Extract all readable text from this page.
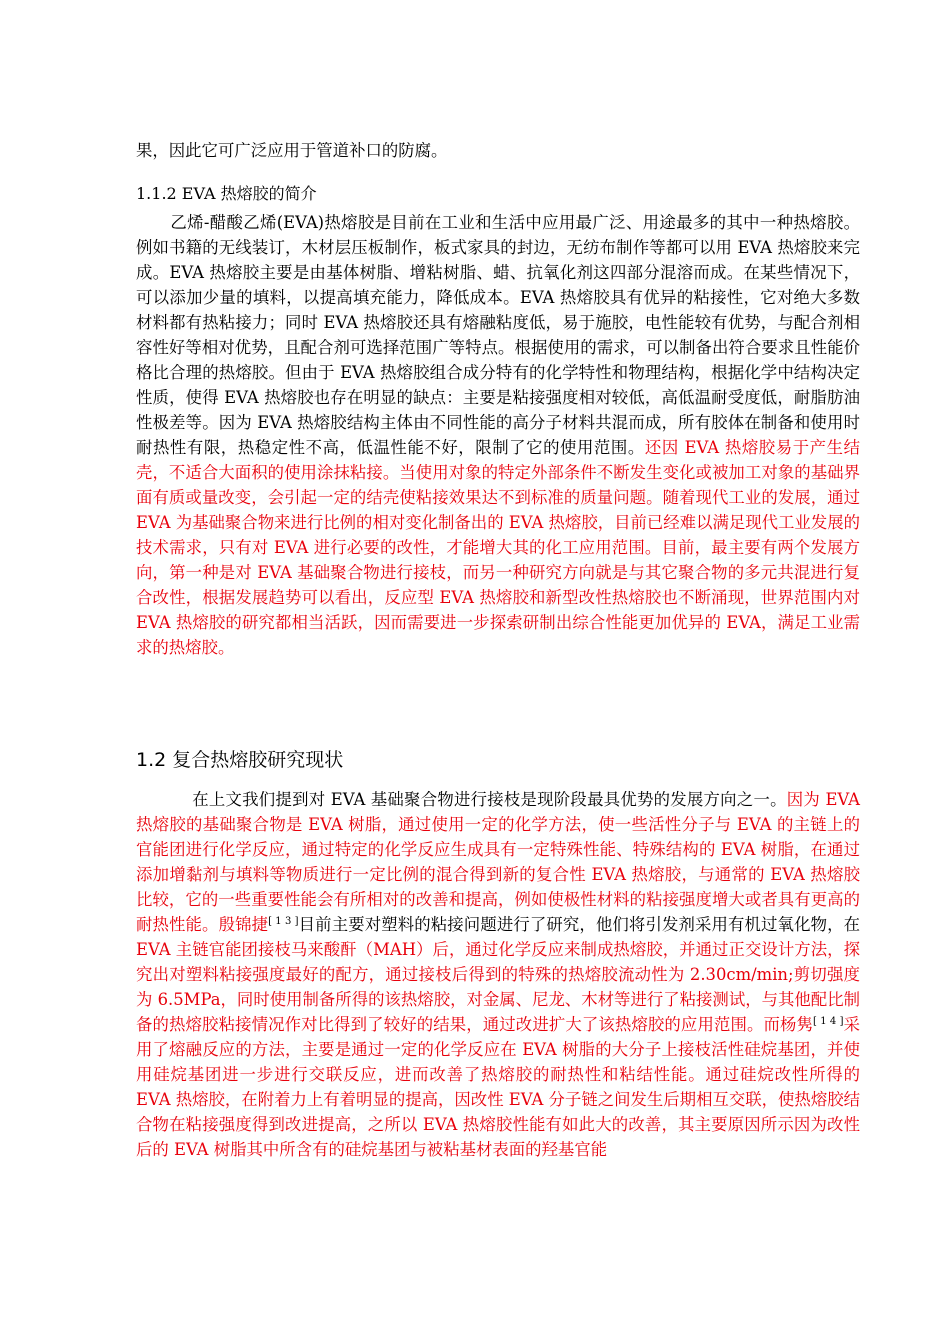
果，因此它可广泛应用于管道补口的防腐。

1.1.2 EVA 热熔胶的简介

乙烯-醋酸乙烯(EVA)热熔胶是目前在工业和生活中应用最广泛、用途最多的其中一种热熔胶。例如书籍的无线装订，木材层压板制作，板式家具的封边，无纺布制作等都可以用 EVA 热熔胶来完成。EVA 热熔胶主要是由基体树脂、增粘树脂、蜡、抗氧化剂这四部分混溶而成。在某些情况下，可以添加少量的填料，以提高填充能力，降低成本。EVA 热熔胶具有优异的粘接性，它对绝大多数材料都有热粘接力；同时 EVA 热熔胶还具有熔融粘度低，易于施胶，电性能较有优势，与配合剂相容性好等相对优势，且配合剂可选择范围广等特点。根据使用的需求，可以制备出符合要求且性能价格比合理的热熔胶。但由于 EVA 热熔胶组合成分特有的化学特性和物理结构，根据化学中结构决定性质，使得 EVA 热熔胶也存在明显的缺点：主要是粘接强度相对较低，高低温耐受度低，耐脂肪油性极差等。因为 EVA 热熔胶结构主体由不同性能的高分子材料共混而成，所有胶体在制备和使用时耐热性有限，热稳定性不高，低温性能不好，限制了它的使用范围。还因 EVA 热熔胶易于产生结壳，不适合大面积的使用涂抹粘接。当使用对象的特定外部条件不断发生变化或被加工对象的基础界面有质或量改变，会引起一定的结壳使粘接效果达不到标准的质量问题。随着现代工业的发展，通过 EVA 为基础聚合物来进行比例的相对变化制备出的 EVA 热熔胶，目前已经难以满足现代工业发展的技术需求，只有对 EVA 进行必要的改性，才能增大其的化工应用范围。目前，最主要有两个发展方向，第一种是对 EVA 基础聚合物进行接枝，而另一种研究方向就是与其它聚合物的多元共混进行复合改性，根据发展趋势可以看出，反应型 EVA 热熔胶和新型改性热熔胶也不断涌现，世界范围内对 EVA 热熔胶的研究都相当活跃，因而需要进一步探索研制出综合性能更加优异的 EVA，满足工业需求的热熔胶。

1.2 复合热熔胶研究现状

在上文我们提到对 EVA 基础聚合物进行接枝是现阶段最具优势的发展方向之一。因为 EVA 热熔胶的基础聚合物是 EVA 树脂，通过使用一定的化学方法，使一些活性分子与 EVA 的主链上的官能团进行化学反应，通过特定的化学反应生成具有一定特殊性能、特殊结构的 EVA 树脂，在通过添加增黏剂与填料等物质进行一定比例的混合得到新的复合性 EVA 热熔胶，与通常的 EVA 热熔胶比较，它的一些重要性能会有所相对的改善和提高，例如使极性材料的粘接强度增大或者具有更高的耐热性能。殷锦捷[ 1 3 ]目前主要对塑料的粘接问题进行了研究，他们将引发剂采用有机过氧化物，在EVA 主链官能团接枝马来酸酐（MAH）后，通过化学反应来制成热熔胶，并通过正交设计方法，探究出对塑料粘接强度最好的配方，通过接枝后得到的特殊的热熔胶流动性为 2.30cm/min;剪切强度为 6.5MPa，同时使用制备所得的该热熔胶，对金属、尼龙、木材等进行了粘接测试，与其他配比制备的热熔胶粘接情况作对比得到了较好的结果，通过改进扩大了该热熔胶的应用范围。而杨隽[ 1 4 ]采用了熔融反应的方法，主要是通过一定的化学反应在 EVA 树脂的大分子上接枝活性硅烷基团，并使用硅烷基团进一步进行交联反应，进而改善了热熔胶的耐热性和粘结性能。通过硅烷改性所得的 EVA 热熔胶，在附着力上有着明显的提高，因改性 EVA 分子链之间发生后期相互交联，使热熔胶结合物在粘接强度得到改进提高，之所以 EVA 热熔胶性能有如此大的改善，其主要原因所示因为改性后的 EVA 树脂其中所含有的硅烷基团与被粘基材表面的羟基官能
